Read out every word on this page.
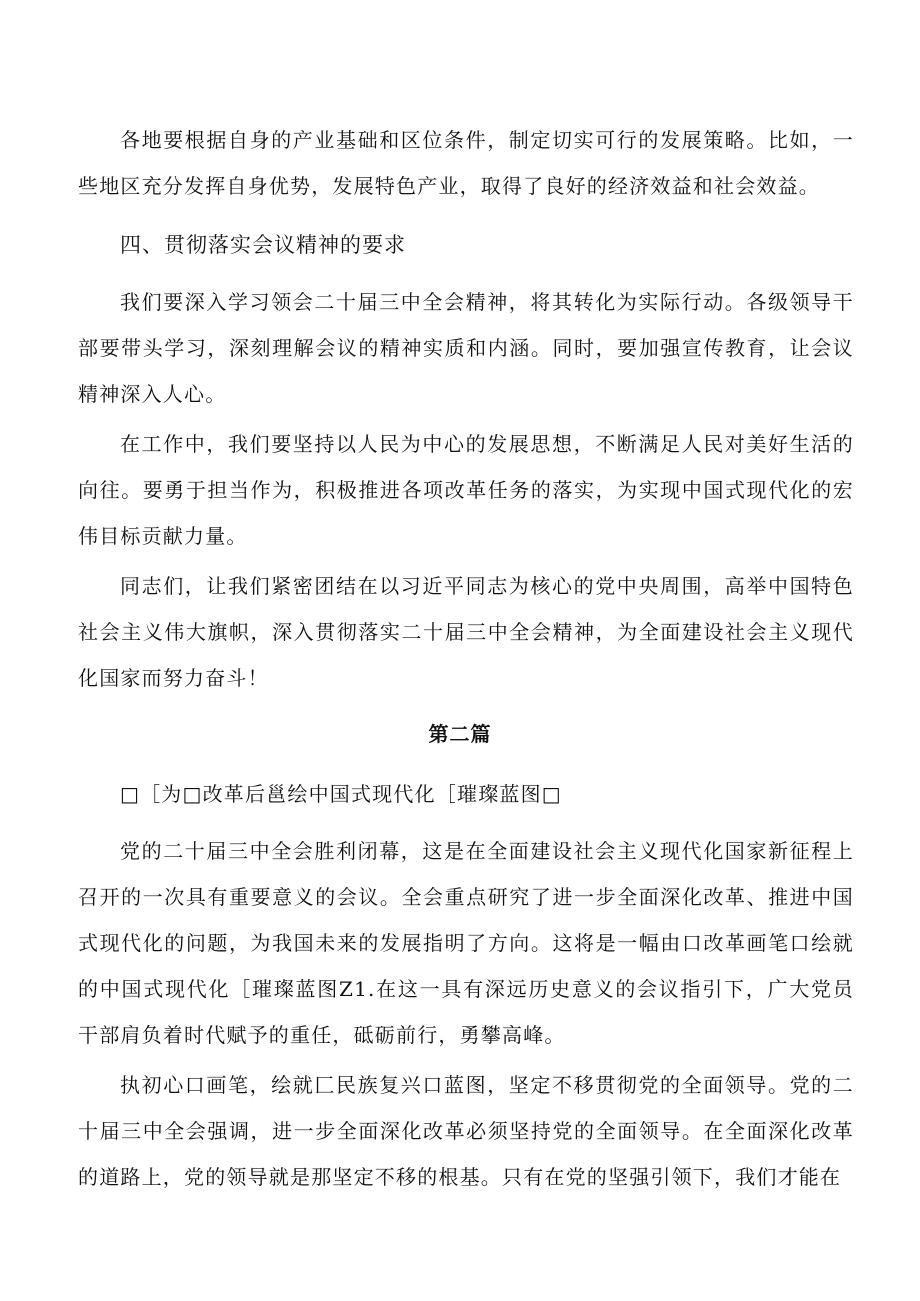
各地要根据自身的产业基础和区位条件，制定切实可行的发展策略。比如，一些地区充分发挥自身优势，发展特色产业，取得了良好的经济效益和社会效益。

四、贯彻落实会议精神的要求

我们要深入学习领会二十届三中全会精神，将其转化为实际行动。各级领导干部要带头学习，深刻理解会议的精神实质和内涵。同时，要加强宣传教育，让会议精神深入人心。

在工作中，我们要坚持以人民为中心的发展思想，不断满足人民对美好生活的向往。要勇于担当作为，积极推进各项改革任务的落实，为实现中国式现代化的宏伟目标贡献力量。

同志们，让我们紧密团结在以习近平同志为核心的党中央周围，高举中国特色社会主义伟大旗帜，深入贯彻落实二十届三中全会精神，为全面建设社会主义现代化国家而努力奋斗！

第二篇

□［为□改革后邕绘中国式现代化［璀璨蓝图□

党的二十届三中全会胜利闭幕，这是在全面建设社会主义现代化国家新征程上召开的一次具有重要意义的会议。全会重点研究了进一步全面深化改革、推进中国式现代化的问题，为我国未来的发展指明了方向。这将是一幅由口改革画笔口绘就的中国式现代化［璀璨蓝图Z1.在这一具有深远历史意义的会议指引下，广大党员干部肩负着时代赋予的重任，砥砺前行，勇攀高峰。

执初心口画笔，绘就匚民族复兴口蓝图，坚定不移贯彻党的全面领导。党的二十届三中全会强调，进一步全面深化改革必须坚持党的全面领导。在全面深化改革的道路上，党的领导就是那坚定不移的根基。只有在党的坚强引领下，我们才能在
